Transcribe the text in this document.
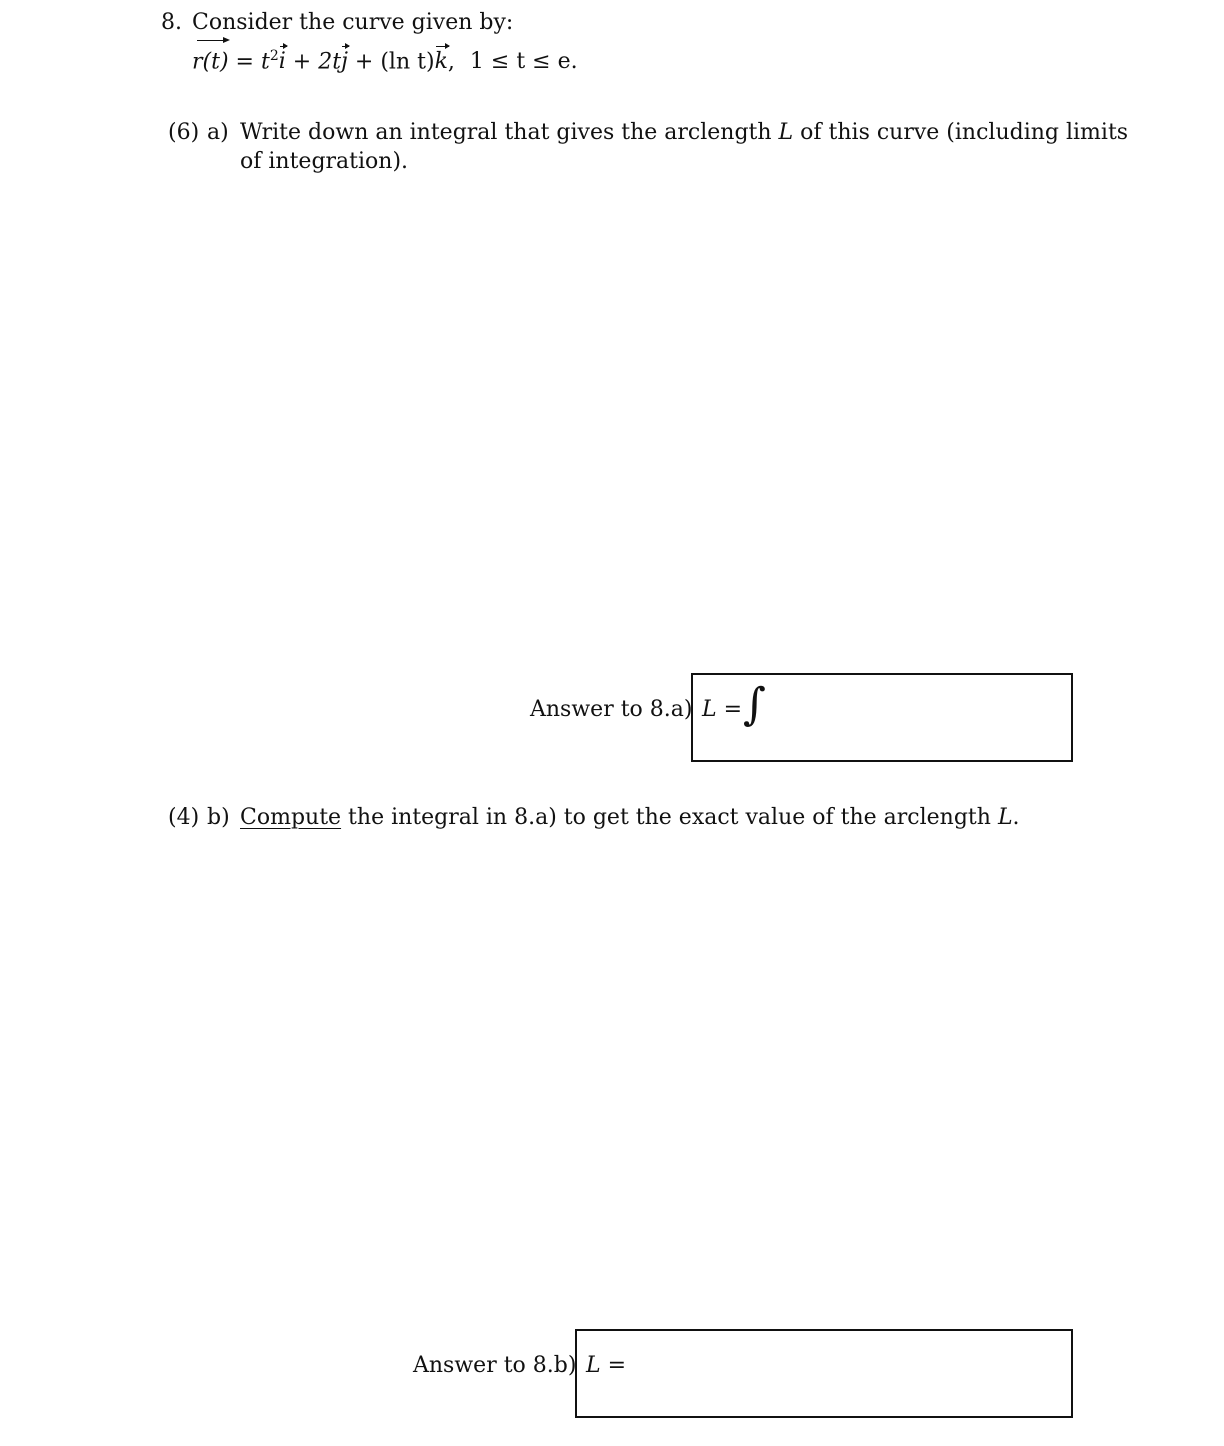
8. Consider the curve given by:
$r(t) = t^2i + 2tj + (\ln$ t)k, 1 ≤ t ≤ e.
(6) a) Write down an integral that gives the arclength L of this curve (including limits
of integration).
Answer to 8.a) L = ∫
(4) b) Compute the integral in 8.a) to get the exact value of the arclength L.
Answer to 8.b) L =
